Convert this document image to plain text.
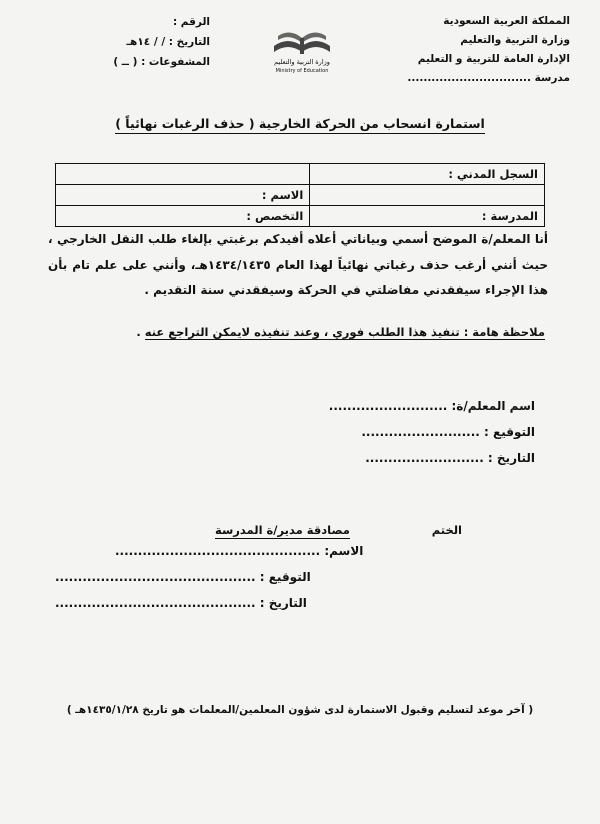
المملكة العربية السعودية
وزارة التربية والتعليم
الإدارة العامة للتربية و التعليم
مدرسة ...............................
وزارة التربية والتعليم
Ministry of Education
الرقم :
التاريخ : / / ١٤هـ
المشفوعات : ( ــ )
استمارة انسحاب من الحركة الخارجية ( حذف الرغبات نهائياً )
السجل المدني :	
	الاسم :
المدرسة :	التخصص :
أنا المعلم/ة الموضح أسمي وبياناتي أعلاه أفيدكم برغبتي بإلغاء طلب النقل الخارجي ، حيث أنني أرغب حذف رغباتي نهائياً لهذا العام ١٤٣٤/١٤٣٥هـ، وأنني على علم تام بأن هذا الإجراء سيفقدني مفاضلتي في الحركة وسيفقدني سنة التقديم .
ملاحظة هامة : تنفيذ هذا الطلب فوري ، وعند تنفيذه لايمكن التراجع عنه .
اسم المعلم/ة: ..........................
التوقيع : ..........................
التاريخ : ..........................
الختم
مصادقة مدير/ة المدرسة
الاسم: .............................................
التوقيع : ............................................
التاريخ : ............................................
( آخر موعد لتسليم وقبول الاستمارة لدى شؤون المعلمين/المعلمات هو تاريخ ١٤٣٥/١/٢٨هـ )
